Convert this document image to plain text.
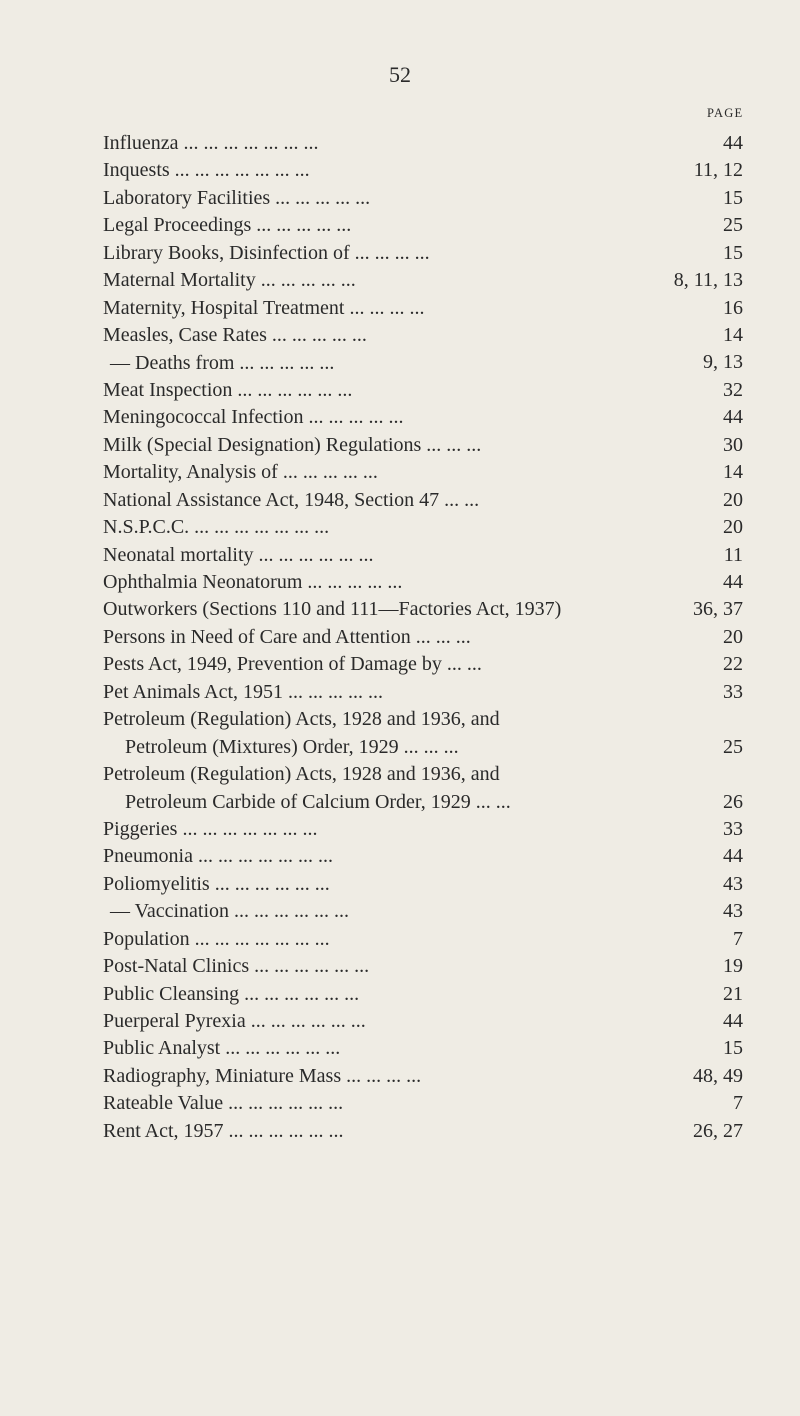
52
PAGE
Influenza ... ... ... ... ... ... ...	44
Inquests ... ... ... ... ... ... ...	11, 12
Laboratory Facilities ... ... ... ... ...	15
Legal Proceedings ... ... ... ... ...	25
Library Books, Disinfection of ... ... ... ...	15
Maternal Mortality ... ... ... ... ...	8, 11, 13
Maternity, Hospital Treatment ... ... ... ...	16
Measles, Case Rates ... ... ... ... ...	14
— Deaths from ... ... ... ... ...	9, 13
Meat Inspection ... ... ... ... ... ...	32
Meningococcal Infection ... ... ... ... ...	44
Milk (Special Designation) Regulations ... ... ...	30
Mortality, Analysis of ... ... ... ... ...	14
National Assistance Act, 1948, Section 47 ... ...	20
N.S.P.C.C. ... ... ... ... ... ... ...	20
Neonatal mortality ... ... ... ... ... ...	11
Ophthalmia Neonatorum ... ... ... ... ...	44
Outworkers (Sections 110 and 111—Factories Act, 1937)	36, 37
Persons in Need of Care and Attention ... ... ...	20
Pests Act, 1949, Prevention of Damage by ... ...	22
Pet Animals Act, 1951 ... ... ... ... ...	33
Petroleum (Regulation) Acts, 1928 and 1936, and
Petroleum (Mixtures) Order, 1929 ... ... ...	25
Petroleum (Regulation) Acts, 1928 and 1936, and
Petroleum Carbide of Calcium Order, 1929 ... ...	26
Piggeries ... ... ... ... ... ... ...	33
Pneumonia ... ... ... ... ... ... ...	44
Poliomyelitis ... ... ... ... ... ...	43
— Vaccination ... ... ... ... ... ...	43
Population ... ... ... ... ... ... ...	7
Post-Natal Clinics ... ... ... ... ... ...	19
Public Cleansing ... ... ... ... ... ...	21
Puerperal Pyrexia ... ... ... ... ... ...	44
Public Analyst ... ... ... ... ... ...	15
Radiography, Miniature Mass ... ... ... ...	48, 49
Rateable Value ... ... ... ... ... ...	7
Rent Act, 1957 ... ... ... ... ... ...	26, 27
